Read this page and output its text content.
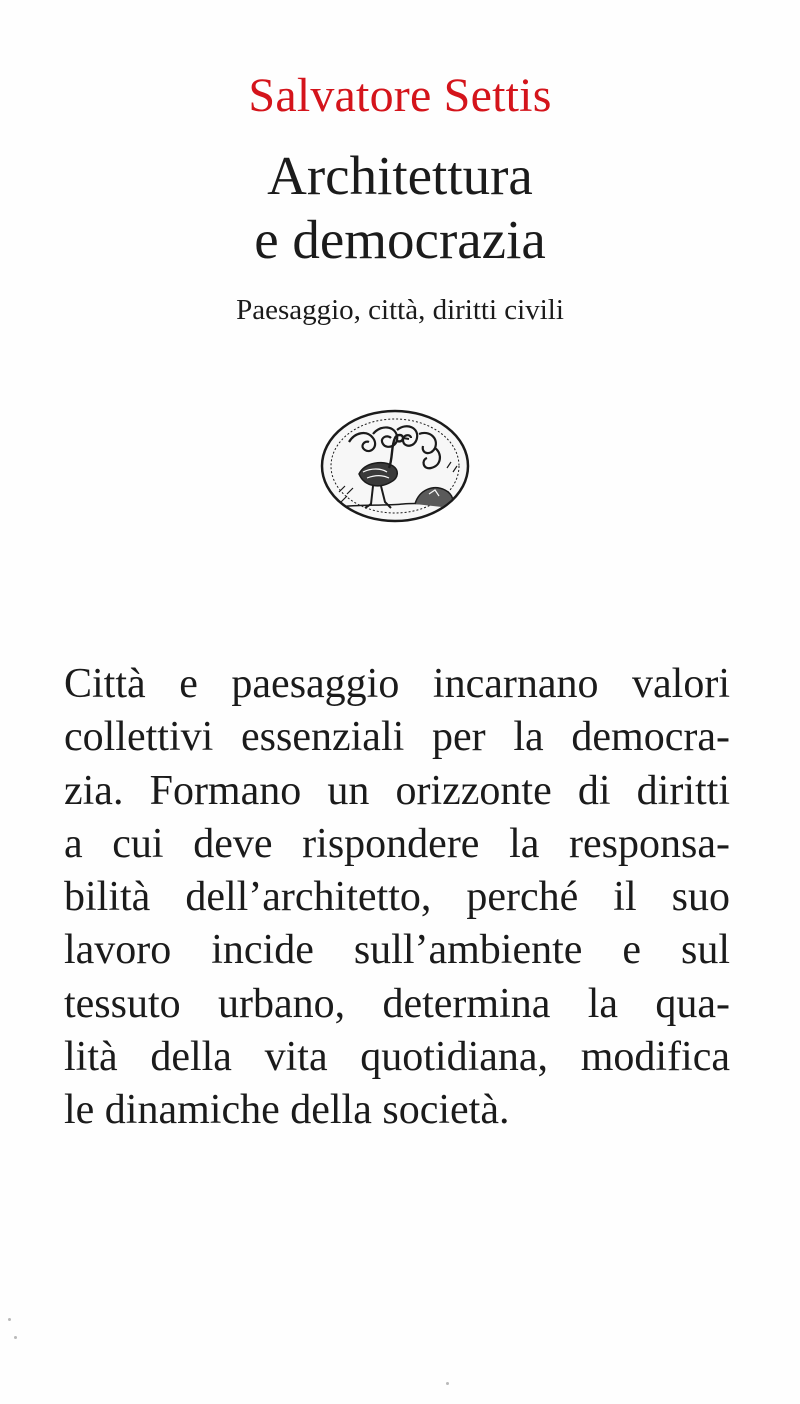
Salvatore Settis
Architettura
e democrazia
Paesaggio, città, diritti civili
Città e paesaggio incarnano valori
collettivi essenziali per la democra-
zia. Formano un orizzonte di diritti
a cui deve rispondere la responsa-
bilità dell’architetto, perché il suo
lavoro incide sull’ambiente e sul
tessuto urbano, determina la qua-
lità della vita quotidiana, modifica
le dinamiche della società.
